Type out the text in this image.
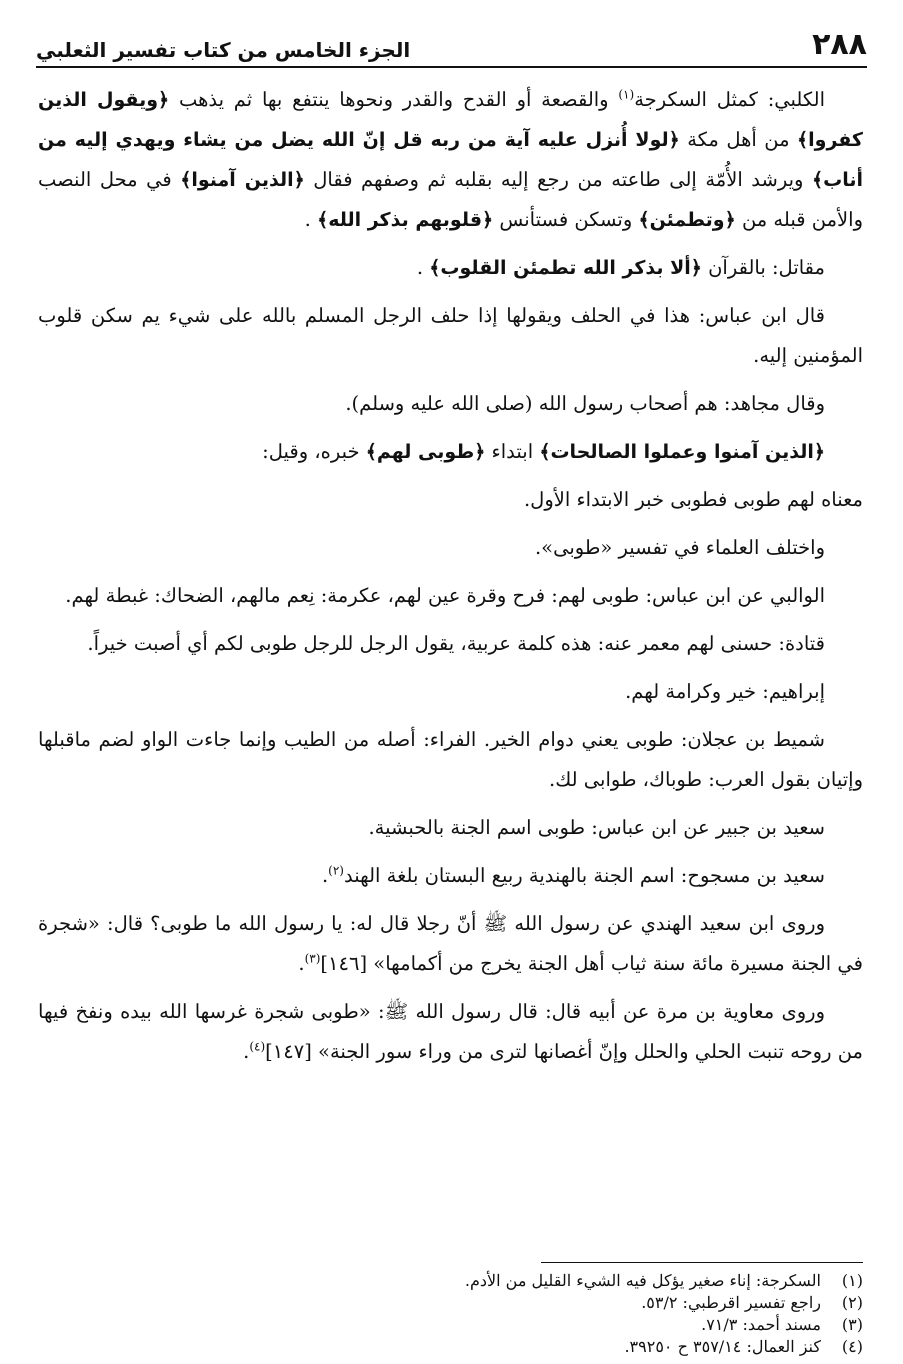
٢٨٨
الجزء الخامس من كتاب تفسير الثعلبي

الكلبي: كمثل السكرجة$^{(١)}$ والقصعة أو القدح والقدر ونحوها ينتفع بها ثم يذهب ﴿ويقول الذين كفروا﴾ من أهل مكة ﴿لولا أُنزل عليه آية من ربه قل إنّ الله يضل من يشاء ويهدي إليه من أناب﴾ ويرشد الأُمّة إلى طاعته من رجع إليه بقلبه ثم وصفهم فقال ﴿الذين آمنوا﴾ في محل النصب والأمن قبله من ﴿وتطمئن﴾ وتسكن فستأنس ﴿قلوبهم بذكر الله﴾ .

مقاتل: بالقرآن ﴿ألا بذكر الله تطمئن القلوب﴾ .

قال ابن عباس: هذا في الحلف ويقولها إذا حلف الرجل المسلم بالله على شيء يم سكن قلوب المؤمنين إليه.

وقال مجاهد: هم أصحاب رسول الله (صلى الله عليه وسلم).

﴿الذين آمنوا وعملوا الصالحات﴾ ابتداء ﴿طوبى لهم﴾ خبره، وقيل:

معناه لهم طوبى فطوبى خبر الابتداء الأول.

واختلف العلماء في تفسير «طوبى».

الوالبي عن ابن عباس: طوبى لهم: فرح وقرة عين لهم، عكرمة: نِعم مالهم، الضحاك: غبطة لهم.

قتادة: حسنى لهم معمر عنه: هذه كلمة عربية، يقول الرجل للرجل طوبى لكم أي أصبت خيراً.

إبراهيم: خير وكرامة لهم.

شميط بن عجلان: طوبى يعني دوام الخير. الفراء: أصله من الطيب وإنما جاءت الواو لضم ماقبلها وإتيان بقول العرب: طوباك، طوابى لك.

سعيد بن جبير عن ابن عباس: طوبى اسم الجنة بالحبشية.

سعيد بن مسجوح: اسم الجنة بالهندية ربيع البستان بلغة الهند$^{(٢)}$.

وروى ابن سعيد الهندي عن رسول الله ﷺ أنّ رجلا قال له: يا رسول الله ما طوبى؟ قال: «شجرة في الجنة مسيرة مائة سنة ثياب أهل الجنة يخرج من أكمامها» [١٤٦]$^{(٣)}$.

وروى معاوية بن مرة عن أبيه قال: قال رسول الله ﷺ: «طوبى شجرة غرسها الله بيده ونفخ فيها من روحه تنبت الحلي والحلل وإنّ أغصانها لترى من وراء سور الجنة» [١٤٧]$^{(٤)}$.

(١)
السكرجة: إناء صغير يؤكل فيه الشيء القليل من الأدم.
(٢)
راجع تفسير اقرطبي: ٥٣/٢.
(٣)
مسند أحمد: ٧١/٣.
(٤)
كنز العمال: ٣٥٧/١٤ ح ٣٩٢٥٠.
